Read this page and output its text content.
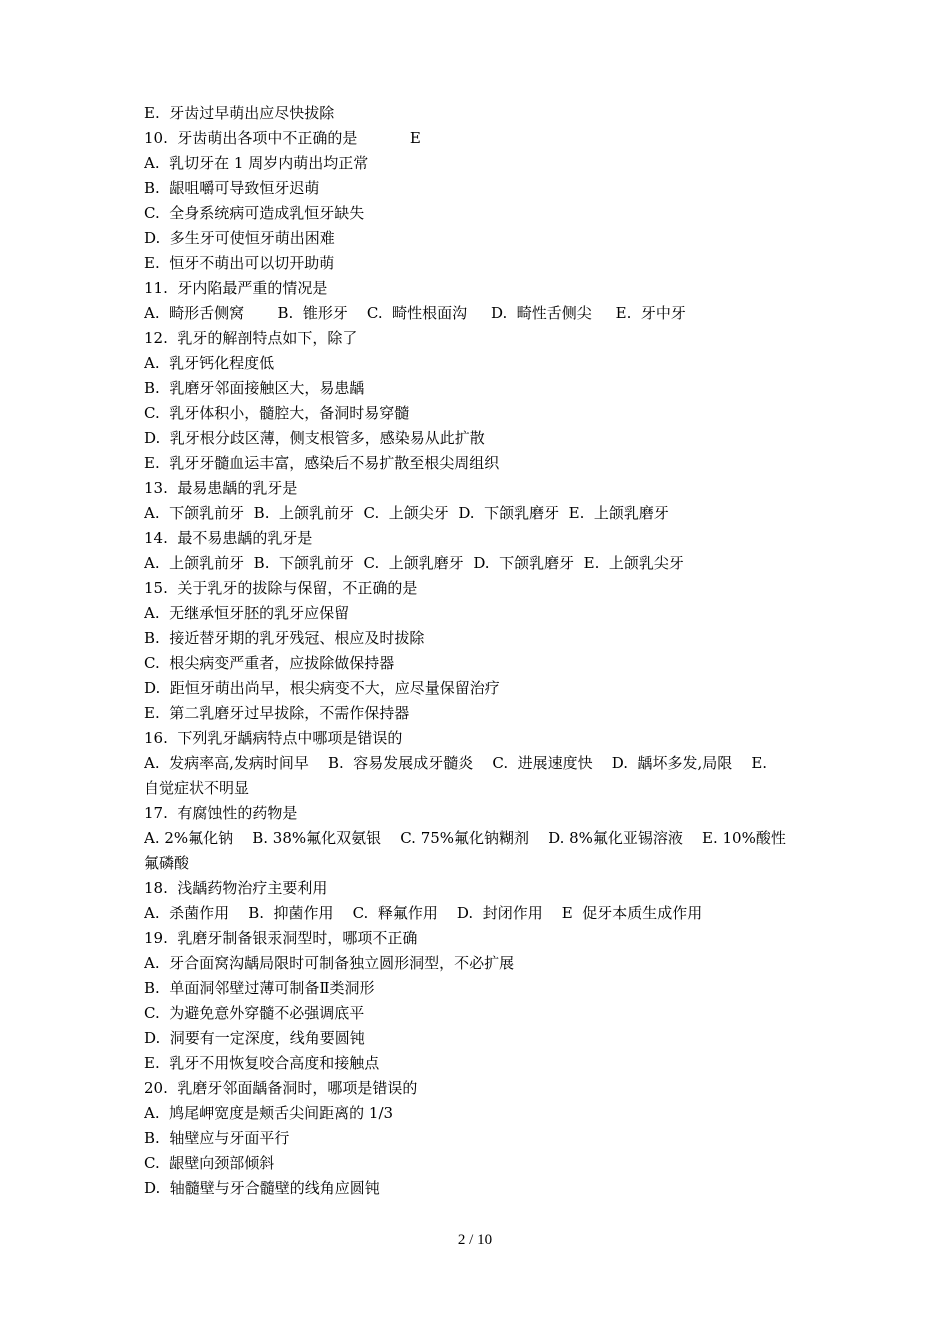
E.  牙齿过早萌出应尽快拔除
10.  牙齿萌出各项中不正确的是           E
A.  乳切牙在 1 周岁内萌出均正常
B.  龈咀嚼可导致恒牙迟萌
C.  全身系统病可造成乳恒牙缺失
D.  多生牙可使恒牙萌出困难
E.  恒牙不萌出可以切开助萌
11.  牙内陷最严重的情况是
A.  畸形舌侧窝       B.  锥形牙    C.  畸性根面沟     D.  畸性舌侧尖     E.  牙中牙
12.  乳牙的解剖特点如下，除了
A.  乳牙钙化程度低
B.  乳磨牙邻面接触区大，易患龋
C.  乳牙体积小，髓腔大，备洞时易穿髓
D.  乳牙根分歧区薄，侧支根管多，感染易从此扩散
E.  乳牙牙髓血运丰富，感染后不易扩散至根尖周组织
13.  最易患龋的乳牙是
A.  下颌乳前牙  B.  上颌乳前牙  C.  上颌尖牙  D.  下颌乳磨牙  E.  上颌乳磨牙
14.  最不易患龋的乳牙是
A.  上颌乳前牙  B.  下颌乳前牙  C.  上颌乳磨牙  D.  下颌乳磨牙  E.  上颌乳尖牙
15.  关于乳牙的拔除与保留，不正确的是
A.  无继承恒牙胚的乳牙应保留
B.  接近替牙期的乳牙残冠、根应及时拔除
C.  根尖病变严重者，应拔除做保持器
D.  距恒牙萌出尚早，根尖病变不大，应尽量保留治疗
E.  第二乳磨牙过早拔除，不需作保持器
16.  下列乳牙龋病特点中哪项是错误的
A.  发病率高,发病时间早    B.  容易发展成牙髓炎    C.  进展速度快    D.  龋坏多发,局限    E.
自觉症状不明显
17.  有腐蚀性的药物是
A. 2%氟化钠    B. 38%氟化双氨银    C. 75%氟化钠糊剂    D. 8%氟化亚锡溶液    E. 10%酸性
氟磷酸
18.  浅龋药物治疗主要利用
A.  杀菌作用    B.  抑菌作用    C.  释氟作用    D.  封闭作用    E  促牙本质生成作用
19.  乳磨牙制备银汞洞型时，哪项不正确
A.  牙合面窝沟龋局限时可制备独立圆形洞型，不必扩展
B.  单面洞邻壁过薄可制备Ⅱ类洞形
C.  为避免意外穿髓不必强调底平
D.  洞要有一定深度，线角要圆钝
E.  乳牙不用恢复咬合高度和接触点
20.  乳磨牙邻面龋备洞时，哪项是错误的
A.  鸠尾岬宽度是颊舌尖间距离的 1/3
B.  轴壁应与牙面平行
C.  龈壁向颈部倾斜
D.  轴髓壁与牙合髓壁的线角应圆钝
2 / 10
